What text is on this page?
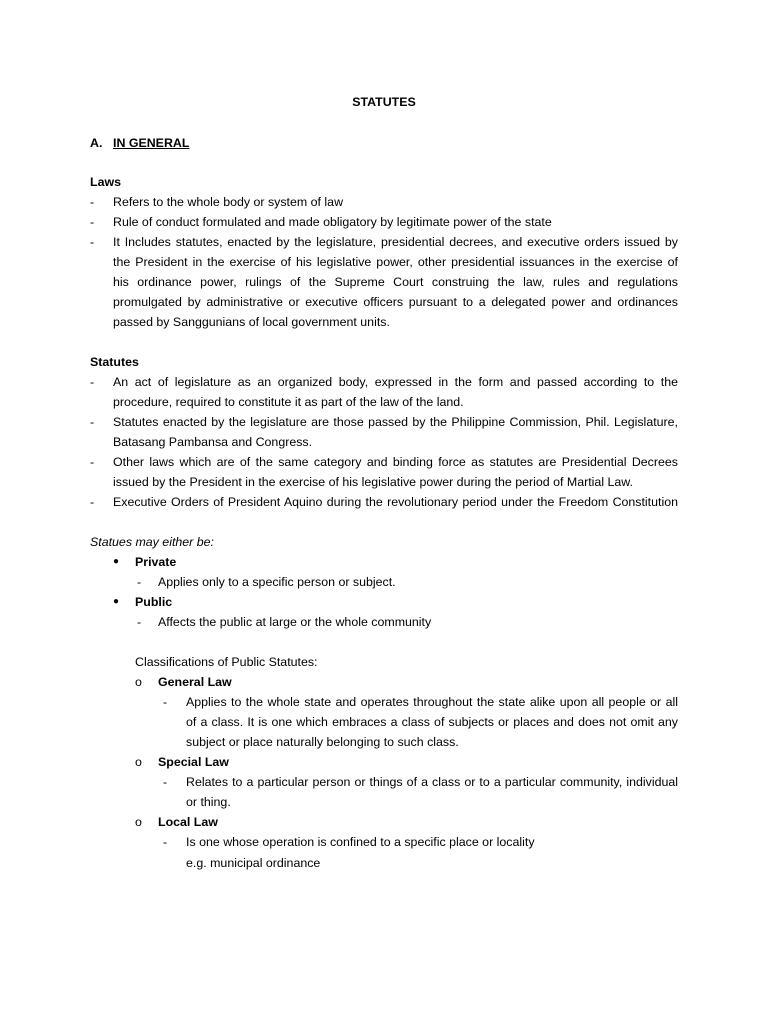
STATUTES
A. IN GENERAL
Laws
- Refers to the whole body or system of law
- Rule of conduct formulated and made obligatory by legitimate power of the state
- It Includes statutes, enacted by the legislature, presidential decrees, and executive orders issued by
the President in the exercise of his legislative power, other presidential issuances in the exercise of
his ordinance power, rulings of the Supreme Court construing the law, rules and regulations
promulgated by administrative or executive officers pursuant to a delegated power and ordinances
passed by Sanggunians of local government units.
Statutes
- An act of legislature as an organized body, expressed in the form and passed according to the
procedure, required to constitute it as part of the law of the land.
- Statutes enacted by the legislature are those passed by the Philippine Commission, Phil. Legislature,
Batasang Pambansa and Congress.
- Other laws which are of the same category and binding force as statutes are Presidential Decrees
issued by the President in the exercise of his legislative power during the period of Martial Law.
- Executive Orders of President Aquino during the revolutionary period under the Freedom Constitution
Statues may either be:
● Private
- Applies only to a specific person or subject.
● Public
- Affects the public at large or the whole community
Classifications of Public Statutes:
o General Law
- Applies to the whole state and operates throughout the state alike upon all people or all
of a class. It is one which embraces a class of subjects or places and does not omit any
subject or place naturally belonging to such class.
o Special Law
- Relates to a particular person or things of a class or to a particular community, individual
or thing.
o Local Law
- Is one whose operation is confined to a specific place or locality
e.g. municipal ordinance
